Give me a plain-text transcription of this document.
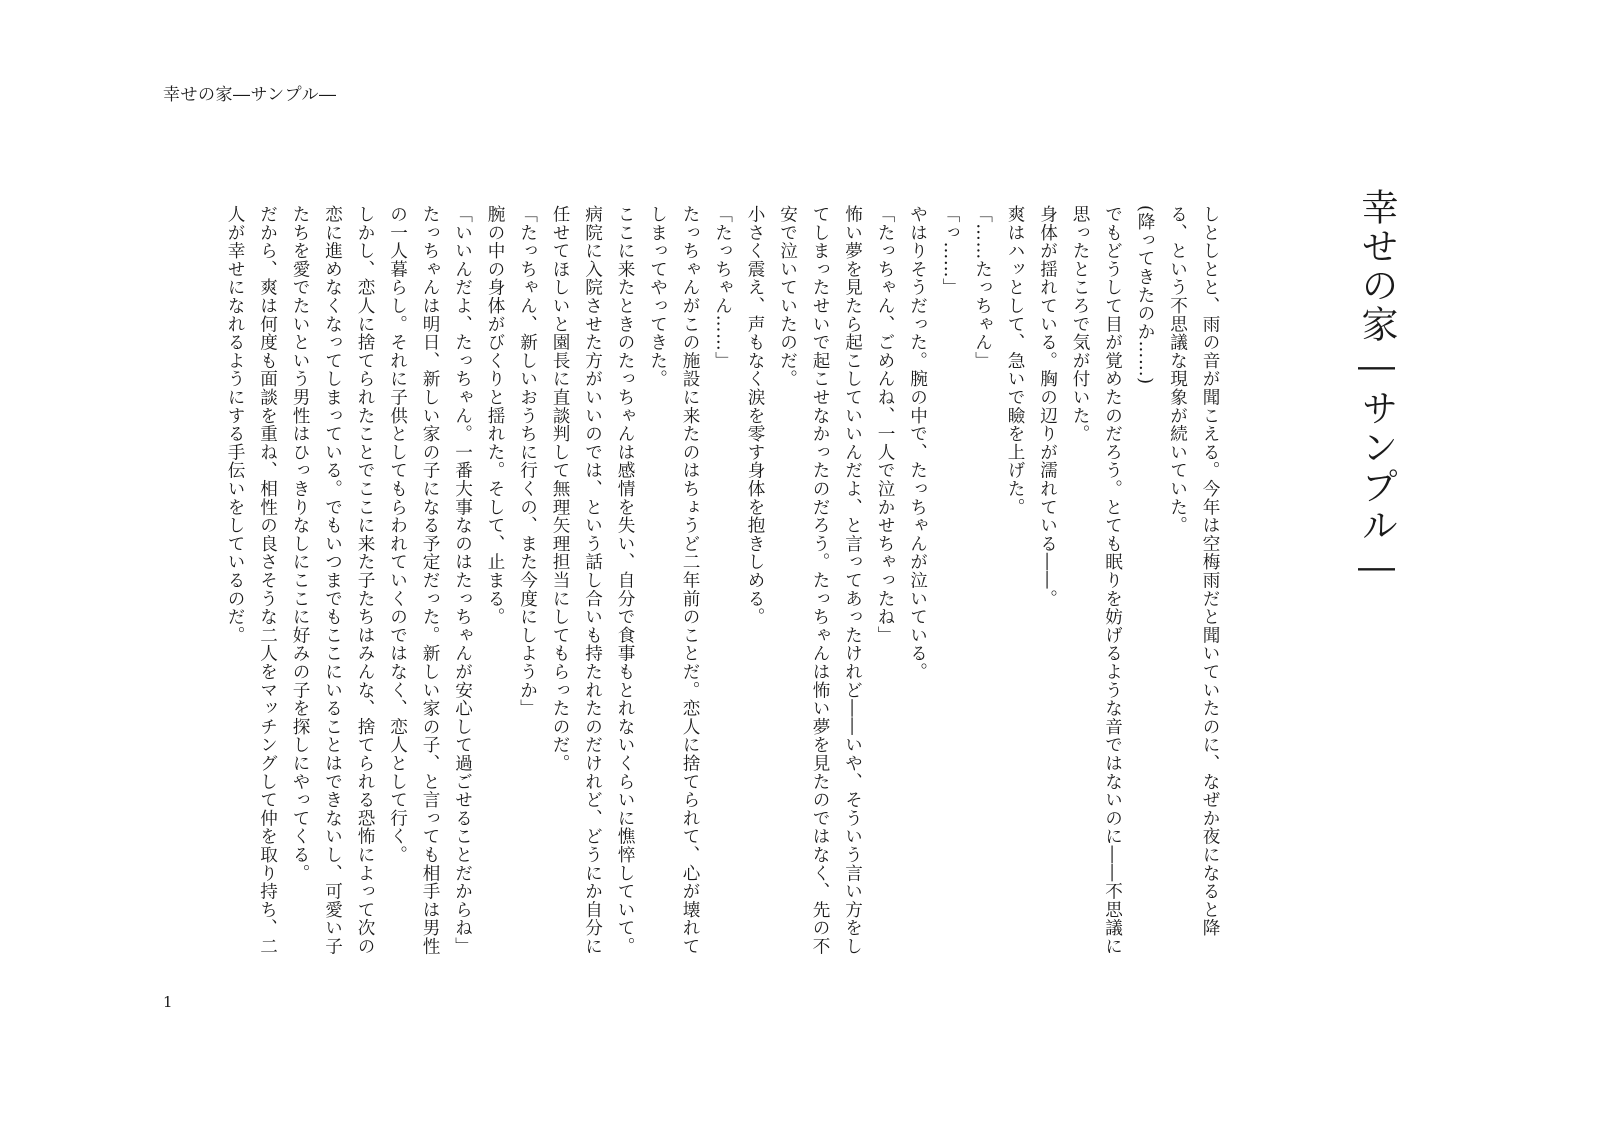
幸せの家―サンプル―
幸せの家―サンプル―

しとしとと、雨の音が聞こえる。今年は空梅雨だと聞いていたのに、なぜか夜になると降る、という不思議な現象が続いていた。

(降ってきたのか……)

でもどうして目が覚めたのだろう。とても眠りを妨げるような音ではないのに――不思議に思ったところで気が付いた。

身体が揺れている。胸の辺りが濡れている――。

爽はハッとして、急いで瞼を上げた。

「……たっちゃん」

「っ……」

やはりそうだった。腕の中で、たっちゃんが泣いている。

「たっちゃん、ごめんね、一人で泣かせちゃったね」

怖い夢を見たら起こしていいんだよ、と言ってあったけれど――いや、そういう言い方をしてしまったせいで起こせなかったのだろう。たっちゃんは怖い夢を見たのではなく、先の不安で泣いていたのだ。

小さく震え、声もなく涙を零す身体を抱きしめる。

「たっちゃん……」

たっちゃんがこの施設に来たのはちょうど二年前のことだ。恋人に捨てられて、心が壊れてしまってやってきた。

ここに来たときのたっちゃんは感情を失い、自分で食事もとれないくらいに憔悴していて。病院に入院させた方がいいのでは、という話し合いも持たれたのだけれど、どうにか自分に任せてほしいと園長に直談判して無理矢理担当にしてもらったのだ。

「たっちゃん、新しいおうちに行くの、また今度にしようか」

腕の中の身体がびくりと揺れた。そして、止まる。

「いいんだよ、たっちゃん。一番大事なのはたっちゃんが安心して過ごせることだからね」

たっちゃんは明日、新しい家の子になる予定だった。新しい家の子、と言っても相手は男性の一人暮らし。それに子供としてもらわれていくのではなく、恋人として行く。

しかし、恋人に捨てられたことでここに来た子たちはみんな、捨てられる恐怖によって次の恋に進めなくなってしまっている。でもいつまでもここにいることはできないし、可愛い子たちを愛でたいという男性はひっきりなしにここに好みの子を探しにやってくる。

だから、爽は何度も面談を重ね、相性の良さそうな二人をマッチングして仲を取り持ち、二人が幸せになれるようにする手伝いをしているのだ。

1
